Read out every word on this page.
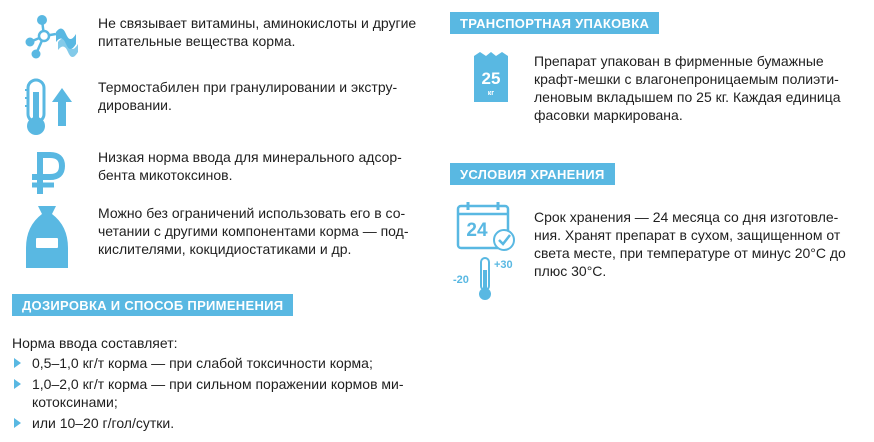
Не связывает витамины, аминокислоты и другие питательные вещества корма.
Термостабилен при гранулировании и экстру-дировании.
Низкая норма ввода для минерального адсор-бента микотоксинов.
Можно без ограничений использовать его в со-четании с другими компонентами корма — под-кислителями, кокцидиостатиками и др.
ДОЗИРОВКА И СПОСОБ ПРИМЕНЕНИЯ
Норма ввода составляет:
0,5–1,0 кг/т корма — при слабой токсичности корма;
1,0–2,0 кг/т корма — при сильном поражении кормов ми-котоксинами;
или 10–20 г/гол/сутки.
ТРАНСПОРТНАЯ УПАКОВКА
25
кг
Препарат упакован в фирменные бумажные крафт-мешки с влагонепроницаемым полиэти-леновым вкладышем по 25 кг. Каждая единица фасовки маркирована.
УСЛОВИЯ ХРАНЕНИЯ
24
-20
+30
Срок хранения — 24 месяца со дня изготовле-ния. Хранят препарат в сухом, защищенном от света месте, при температуре от минус 20°С до плюс 30°С.
